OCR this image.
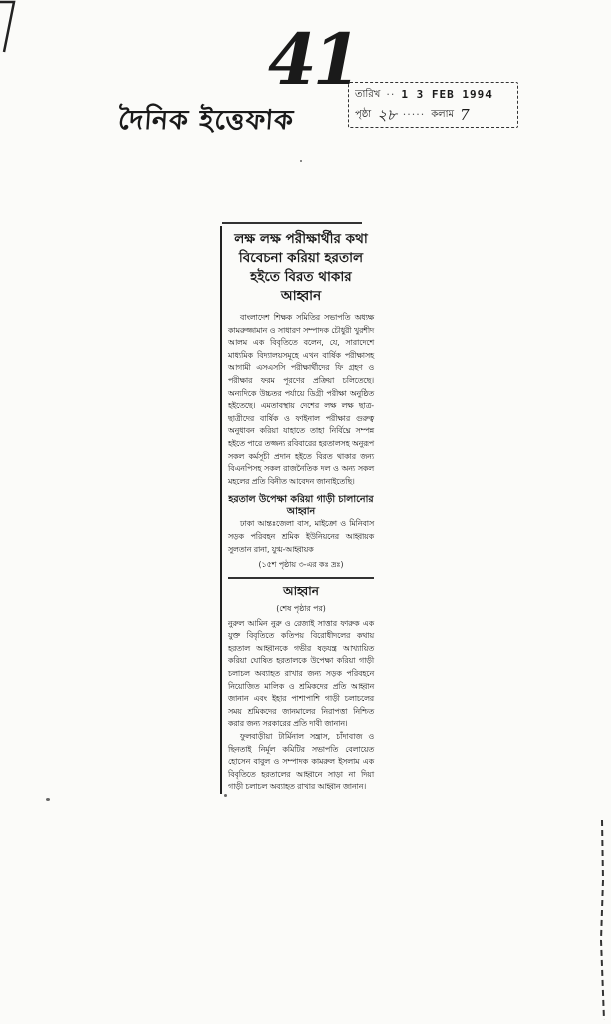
41
দৈনিক ইত্তেফাক
তারিখ ·· 1 3 FEB 1994
পৃষ্ঠা ২৮ ····· কলাম 7
লক্ষ লক্ষ পরীক্ষার্থীর কথা বিবেচনা করিয়া হরতাল হইতে বিরত থাকার আহ্বান

বাংলাদেশ শিক্ষক সমিতির সভাপতি অধ্যক্ষ কামরুজ্জামান ও সাধারণ সম্পাদক চৌধুরী খুরশীদ আলম এক বিবৃতিতে বলেন, যে, সারাদেশে মাধ্যমিক বিদ্যালয়সমূহে এখন বার্ষিক পরীক্ষাসহ আগামী এসএসসি পরীক্ষার্থীদের ফি গ্রহণ ও পরীক্ষার ফরম পূরণের প্রক্রিয়া চলিতেছে। অন্যদিকে উচ্চতর পর্যায়ে ডিগ্রী পরীক্ষা অনুষ্ঠিত হইতেছে। এমতাবস্থায় দেশের লক্ষ লক্ষ ছাত্র-ছাত্রীদের বার্ষিক ও ফাইনাল পরীক্ষার গুরুত্ব অনুধাবন করিয়া যাহাতে তাহা নির্বিঘ্নে সম্পন্ন হইতে পারে তজ্জন্য রবিবারের হরতালসহ অনুরূপ সকল কর্মসূচী প্রদান হইতে বিরত থাকার জন্য বিএনপিসহ সকল রাজনৈতিক দল ও অন্য সকল মহলের প্রতি বিনীত আবেদন জানাইতেছি।

হরতাল উপেক্ষা করিয়া গাড়ী চালানোর আহ্বান

ঢাকা আন্তঃজেলা বাস, মাইক্রো ও মিনিবাস সড়ক পরিবহন শ্রমিক ইউনিয়নের আহ্বায়ক সুলতান রানা, যুগ্ম-আহ্বায়ক

(১৫শ পৃষ্ঠায় ৩-এর কঃ দ্রঃ)
আহ্বান
(শেষ পৃষ্ঠার পর)

নুরুল আমিন নুরু ও রেজাই সাত্তার ফারুক এক যুক্ত বিবৃতিতে কতিপয় বিরোধীদলের কথায় হরতাল আহ্বানকে গভীর ষড়যন্ত্র আখ্যায়িত করিয়া ঘোষিত হরতালকে উপেক্ষা করিয়া গাড়ী চলাচল অব্যাহত রাখার জন্য সড়ক পরিবহনে নিয়োজিত মালিক ও শ্রমিকদের প্রতি আহ্বান জানান এবং ইহার পাশাপাশি গাড়ী চলাচলের সময় শ্রমিকদের জানমালের নিরাপত্তা নিশ্চিত করার জন্য সরকারের প্রতি দাবী জানান।

ফুলবাড়ীয়া টার্মিনাল সন্ত্রাস, চাঁদাবাজ ও ছিনতাই নির্মূল কমিটির সভাপতি বেলায়েত হোসেন বাবুল ও সম্পাদক কামরুল ইসলাম এক বিবৃতিতে হরতালের আহ্বানে সাড়া না দিয়া গাড়ী চলাচল অব্যাহত রাখার আহ্বান জানান।
